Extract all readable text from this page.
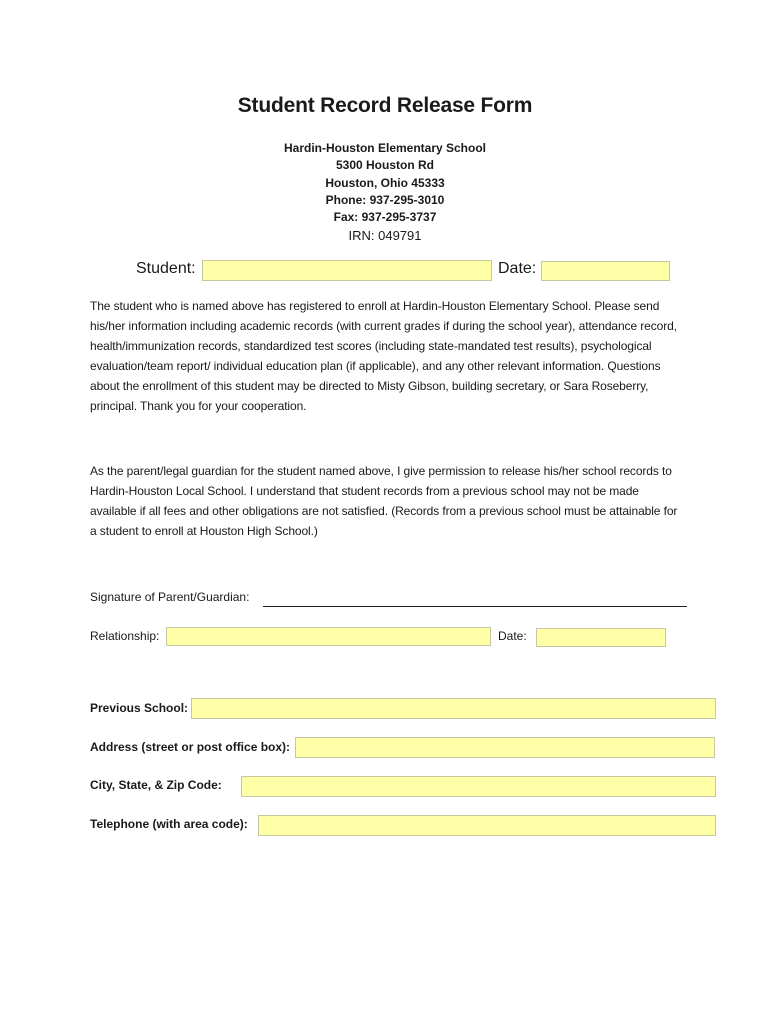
Student Record Release Form
Hardin-Houston Elementary School
5300 Houston Rd
Houston, Ohio 45333
Phone: 937-295-3010
Fax: 937-295-3737
IRN: 049791
Student:	Date:
The student who is named above has registered to enroll at Hardin-Houston Elementary School. Please send his/her information including academic records (with current grades if during the school year), attendance record, health/immunization records, standardized test scores (including state-mandated test results), psychological evaluation/team report/ individual education plan (if applicable), and any other relevant information. Questions about the enrollment of this student may be directed to Misty Gibson, building secretary, or Sara Roseberry, principal. Thank you for your cooperation.
As the parent/legal guardian for the student named above, I give permission to release his/her school records to Hardin-Houston Local School. I understand that student records from a previous school may not be made available if all fees and other obligations are not satisfied. (Records from a previous school must be attainable for a student to enroll at Houston High School.)
Signature of Parent/Guardian:
Relationship:	Date:
Previous School:
Address (street or post office box):
City, State, & Zip Code:
Telephone (with area code):
